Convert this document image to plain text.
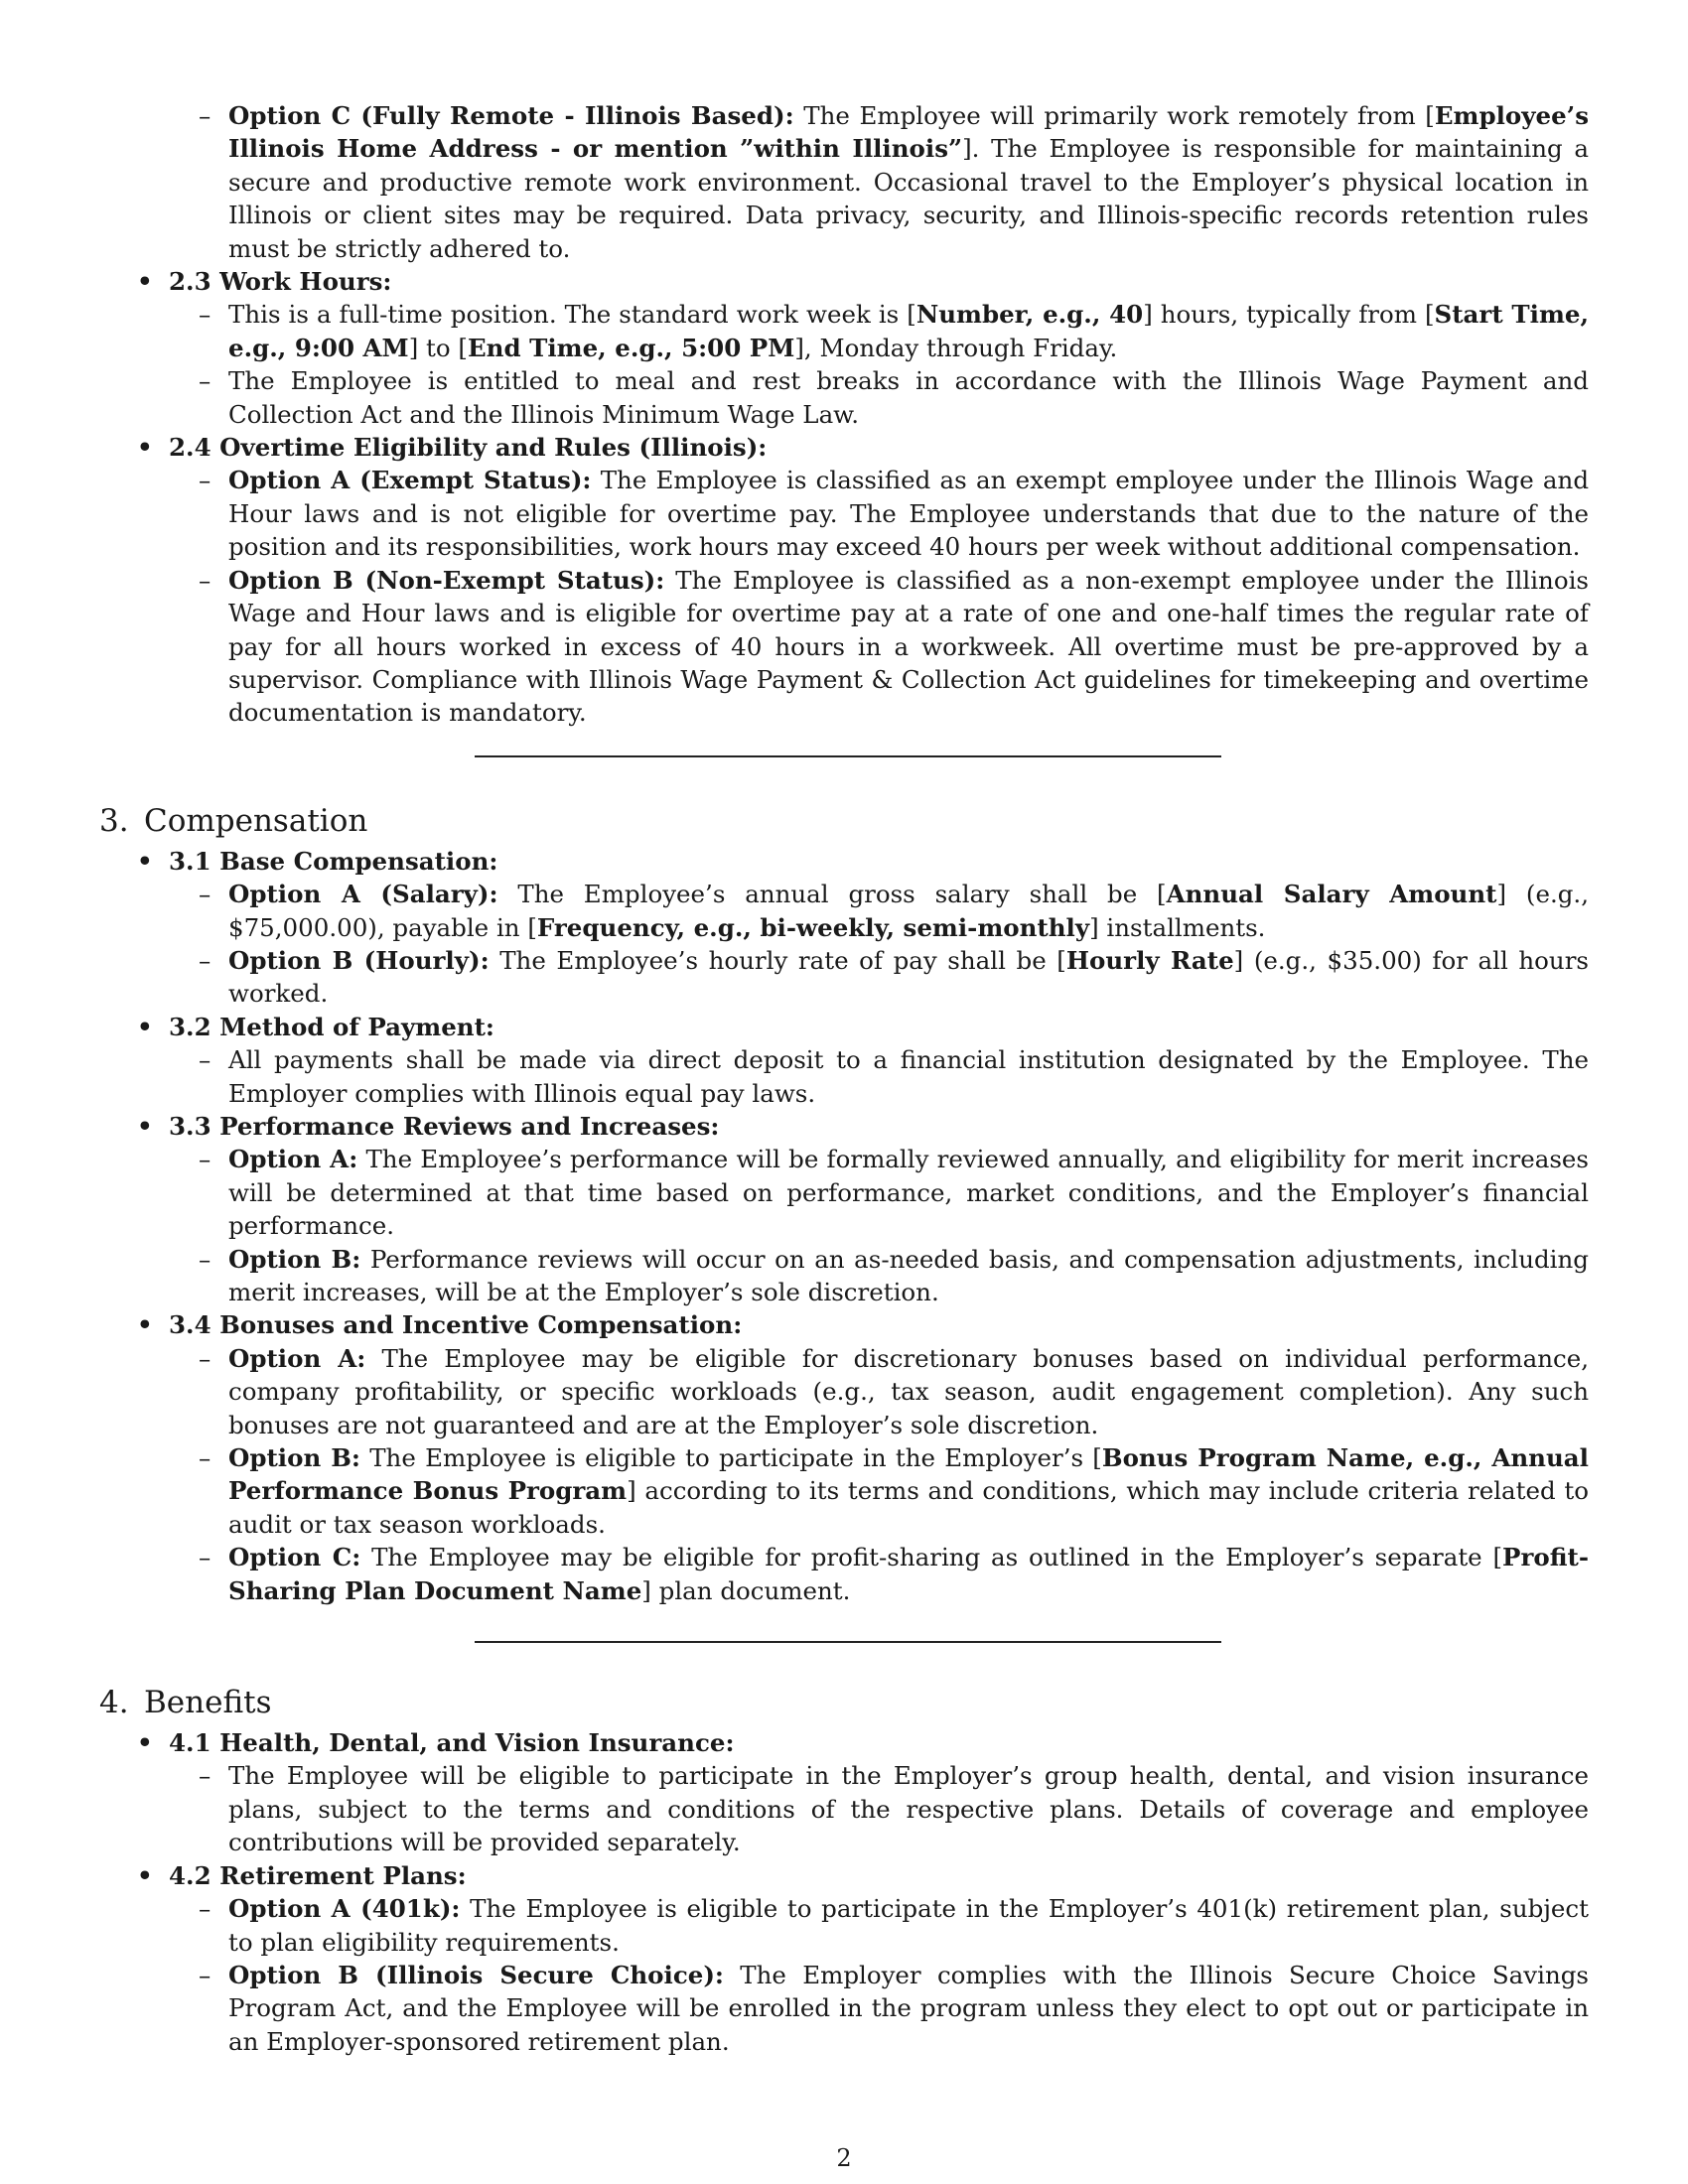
– Option C (Fully Remote - Illinois Based): The Employee will primarily work remotely from [Employee’s Illinois Home Address - or mention ”within Illinois”]. The Employee is responsible for maintaining a secure and productive remote work environment. Occasional travel to the Employer’s physical location in Illinois or client sites may be required. Data privacy, security, and Illinois-specific records retention rules must be strictly adhered to.
• 2.3 Work Hours:
– This is a full-time position. The standard work week is [Number, e.g., 40] hours, typically from [Start Time, e.g., 9:00 AM] to [End Time, e.g., 5:00 PM], Monday through Friday.
– The Employee is entitled to meal and rest breaks in accordance with the Illinois Wage Payment and Collection Act and the Illinois Minimum Wage Law.
• 2.4 Overtime Eligibility and Rules (Illinois):
– Option A (Exempt Status): The Employee is classified as an exempt employee under the Illinois Wage and Hour laws and is not eligible for overtime pay. The Employee understands that due to the nature of the position and its responsibilities, work hours may exceed 40 hours per week without additional compensation.
– Option B (Non-Exempt Status): The Employee is classified as a non-exempt employee under the Illinois Wage and Hour laws and is eligible for overtime pay at a rate of one and one-half times the regular rate of pay for all hours worked in excess of 40 hours in a workweek. All overtime must be pre-approved by a supervisor. Compliance with Illinois Wage Payment & Collection Act guidelines for timekeeping and overtime documentation is mandatory.
3. Compensation
• 3.1 Base Compensation:
– Option A (Salary): The Employee’s annual gross salary shall be [Annual Salary Amount] (e.g., $75,000.00), payable in [Frequency, e.g., bi-weekly, semi-monthly] installments.
– Option B (Hourly): The Employee’s hourly rate of pay shall be [Hourly Rate] (e.g., $35.00) for all hours worked.
• 3.2 Method of Payment:
– All payments shall be made via direct deposit to a financial institution designated by the Employee. The Employer complies with Illinois equal pay laws.
• 3.3 Performance Reviews and Increases:
– Option A: The Employee’s performance will be formally reviewed annually, and eligibility for merit increases will be determined at that time based on performance, market conditions, and the Employer’s financial performance.
– Option B: Performance reviews will occur on an as-needed basis, and compensation adjustments, including merit increases, will be at the Employer’s sole discretion.
• 3.4 Bonuses and Incentive Compensation:
– Option A: The Employee may be eligible for discretionary bonuses based on individual performance, company profitability, or specific workloads (e.g., tax season, audit engagement completion). Any such bonuses are not guaranteed and are at the Employer’s sole discretion.
– Option B: The Employee is eligible to participate in the Employer’s [Bonus Program Name, e.g., Annual Performance Bonus Program] according to its terms and conditions, which may include criteria related to audit or tax season workloads.
– Option C: The Employee may be eligible for profit-sharing as outlined in the Employer’s separate [Profit-Sharing Plan Document Name] plan document.
4. Benefits
• 4.1 Health, Dental, and Vision Insurance:
– The Employee will be eligible to participate in the Employer’s group health, dental, and vision insurance plans, subject to the terms and conditions of the respective plans. Details of coverage and employee contributions will be provided separately.
• 4.2 Retirement Plans:
– Option A (401k): The Employee is eligible to participate in the Employer’s 401(k) retirement plan, subject to plan eligibility requirements.
– Option B (Illinois Secure Choice): The Employer complies with the Illinois Secure Choice Savings Program Act, and the Employee will be enrolled in the program unless they elect to opt out or participate in an Employer-sponsored retirement plan.
2
